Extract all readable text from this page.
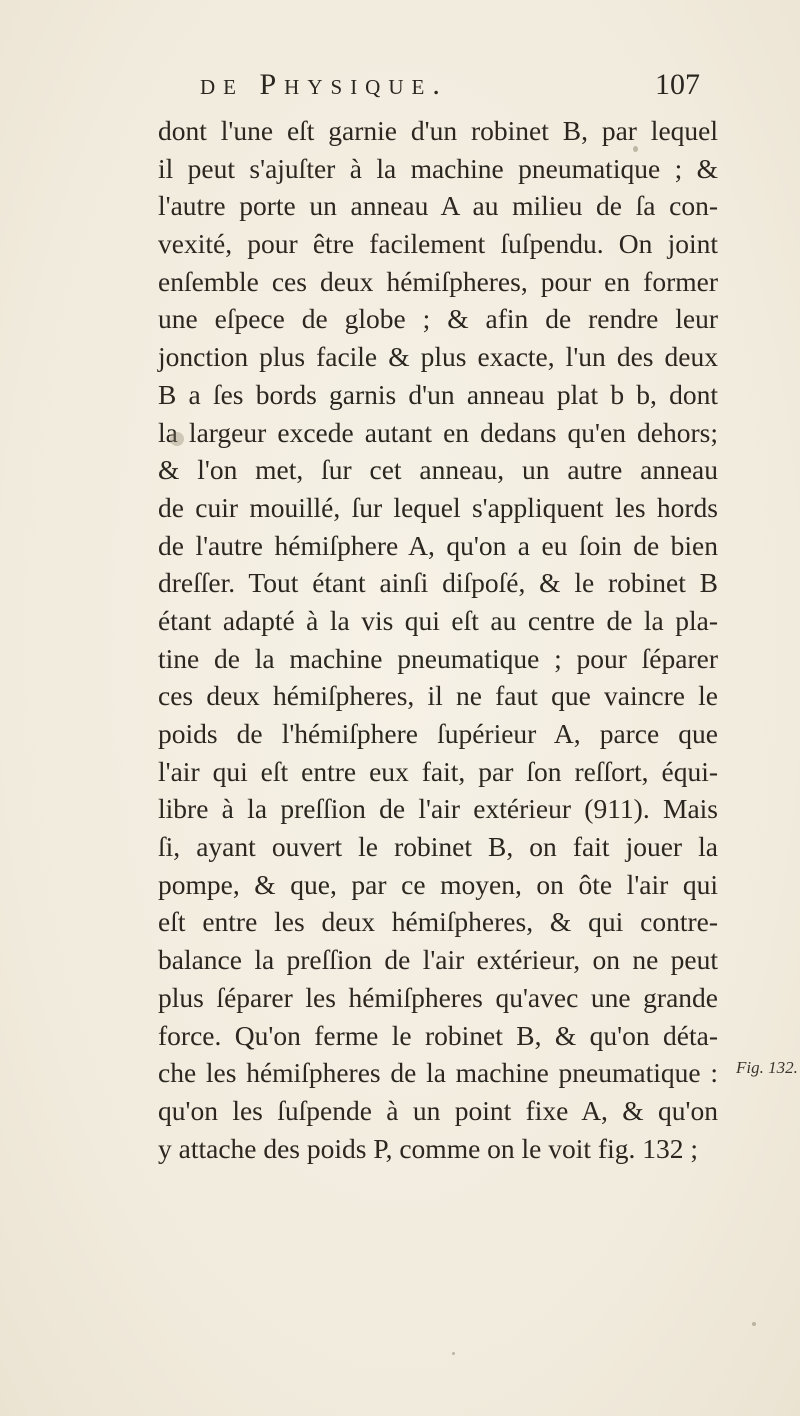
de Physique.	107
dont l'une eſt garnie d'un robinet B, par lequel
il peut s'ajuſter à la machine pneumatique ; &
l'autre porte un anneau A au milieu de ſa con-
vexité, pour être facilement ſuſpendu. On joint
enſemble ces deux hémiſpheres, pour en former
une eſpece de globe ; & afin de rendre leur
jonction plus facile & plus exacte, l'un des deux
B a ſes bords garnis d'un anneau plat b b, dont
la largeur excede autant en dedans qu'en dehors;
& l'on met, ſur cet anneau, un autre anneau
de cuir mouillé, ſur lequel s'appliquent les hords
de l'autre hémiſphere A, qu'on a eu ſoin de bien
dreſſer. Tout étant ainſi diſpoſé, & le robinet B
étant adapté à la vis qui eſt au centre de la pla-
tine de la machine pneumatique ; pour ſéparer
ces deux hémiſpheres, il ne faut que vaincre le
poids de l'hémiſphere ſupérieur A, parce que
l'air qui eſt entre eux fait, par ſon reſſort, équi-
libre à la preſſion de l'air extérieur (911). Mais
ſi, ayant ouvert le robinet B, on fait jouer la
pompe, & que, par ce moyen, on ôte l'air qui
eſt entre les deux hémiſpheres, & qui contre-
balance la preſſion de l'air extérieur, on ne peut
plus ſéparer les hémiſpheres qu'avec une grande
force. Qu'on ferme le robinet B, & qu'on déta-
che les hémiſpheres de la machine pneumatique :
qu'on les ſuſpende à un point fixe A, & qu'on
y attache des poids P, comme on le voit fig. 132 ;
Fig. 132.
